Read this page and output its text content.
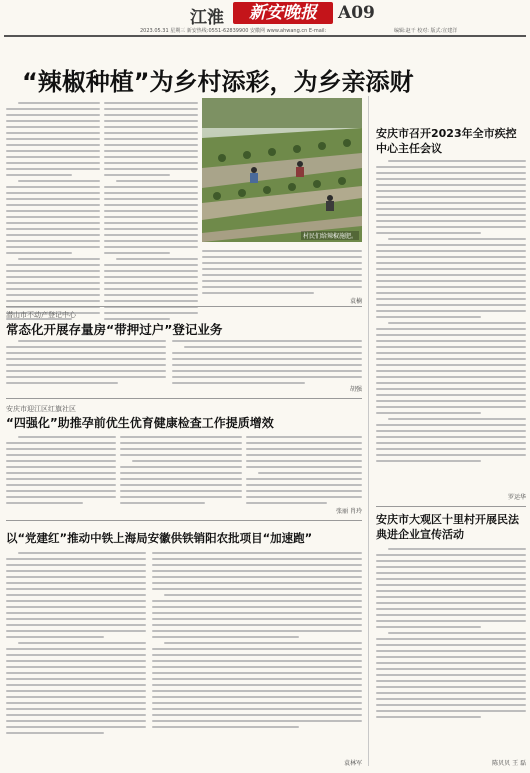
江淮	新安晚报	A09
2023.05.31 星期三 新安热线:0551-62839900 安徽网 www.ahwang.cn E-mail:	编辑:赵干 校对: 版式:宣建洋
“辣椒种植”为乡村添彩，为乡亲添财
村民们给辣椒施肥。
袁楠
潜山市不动产登记中心
常态化开展存量房“带押过户”登记业务
胡强
安庆市迎江区红旗社区
“四强化”助推孕前优生优育健康检查工作提质增效
张丽 肖玲
以“党建红”推动中铁上海局安徽供铁销阳农批项目“加速跑”
袁林军
安庆市召开2023年全市疾控中心主任会议
罗运华
安庆市大观区十里村开展民法典进企业宣传活动
陈贝贝 王 磊
